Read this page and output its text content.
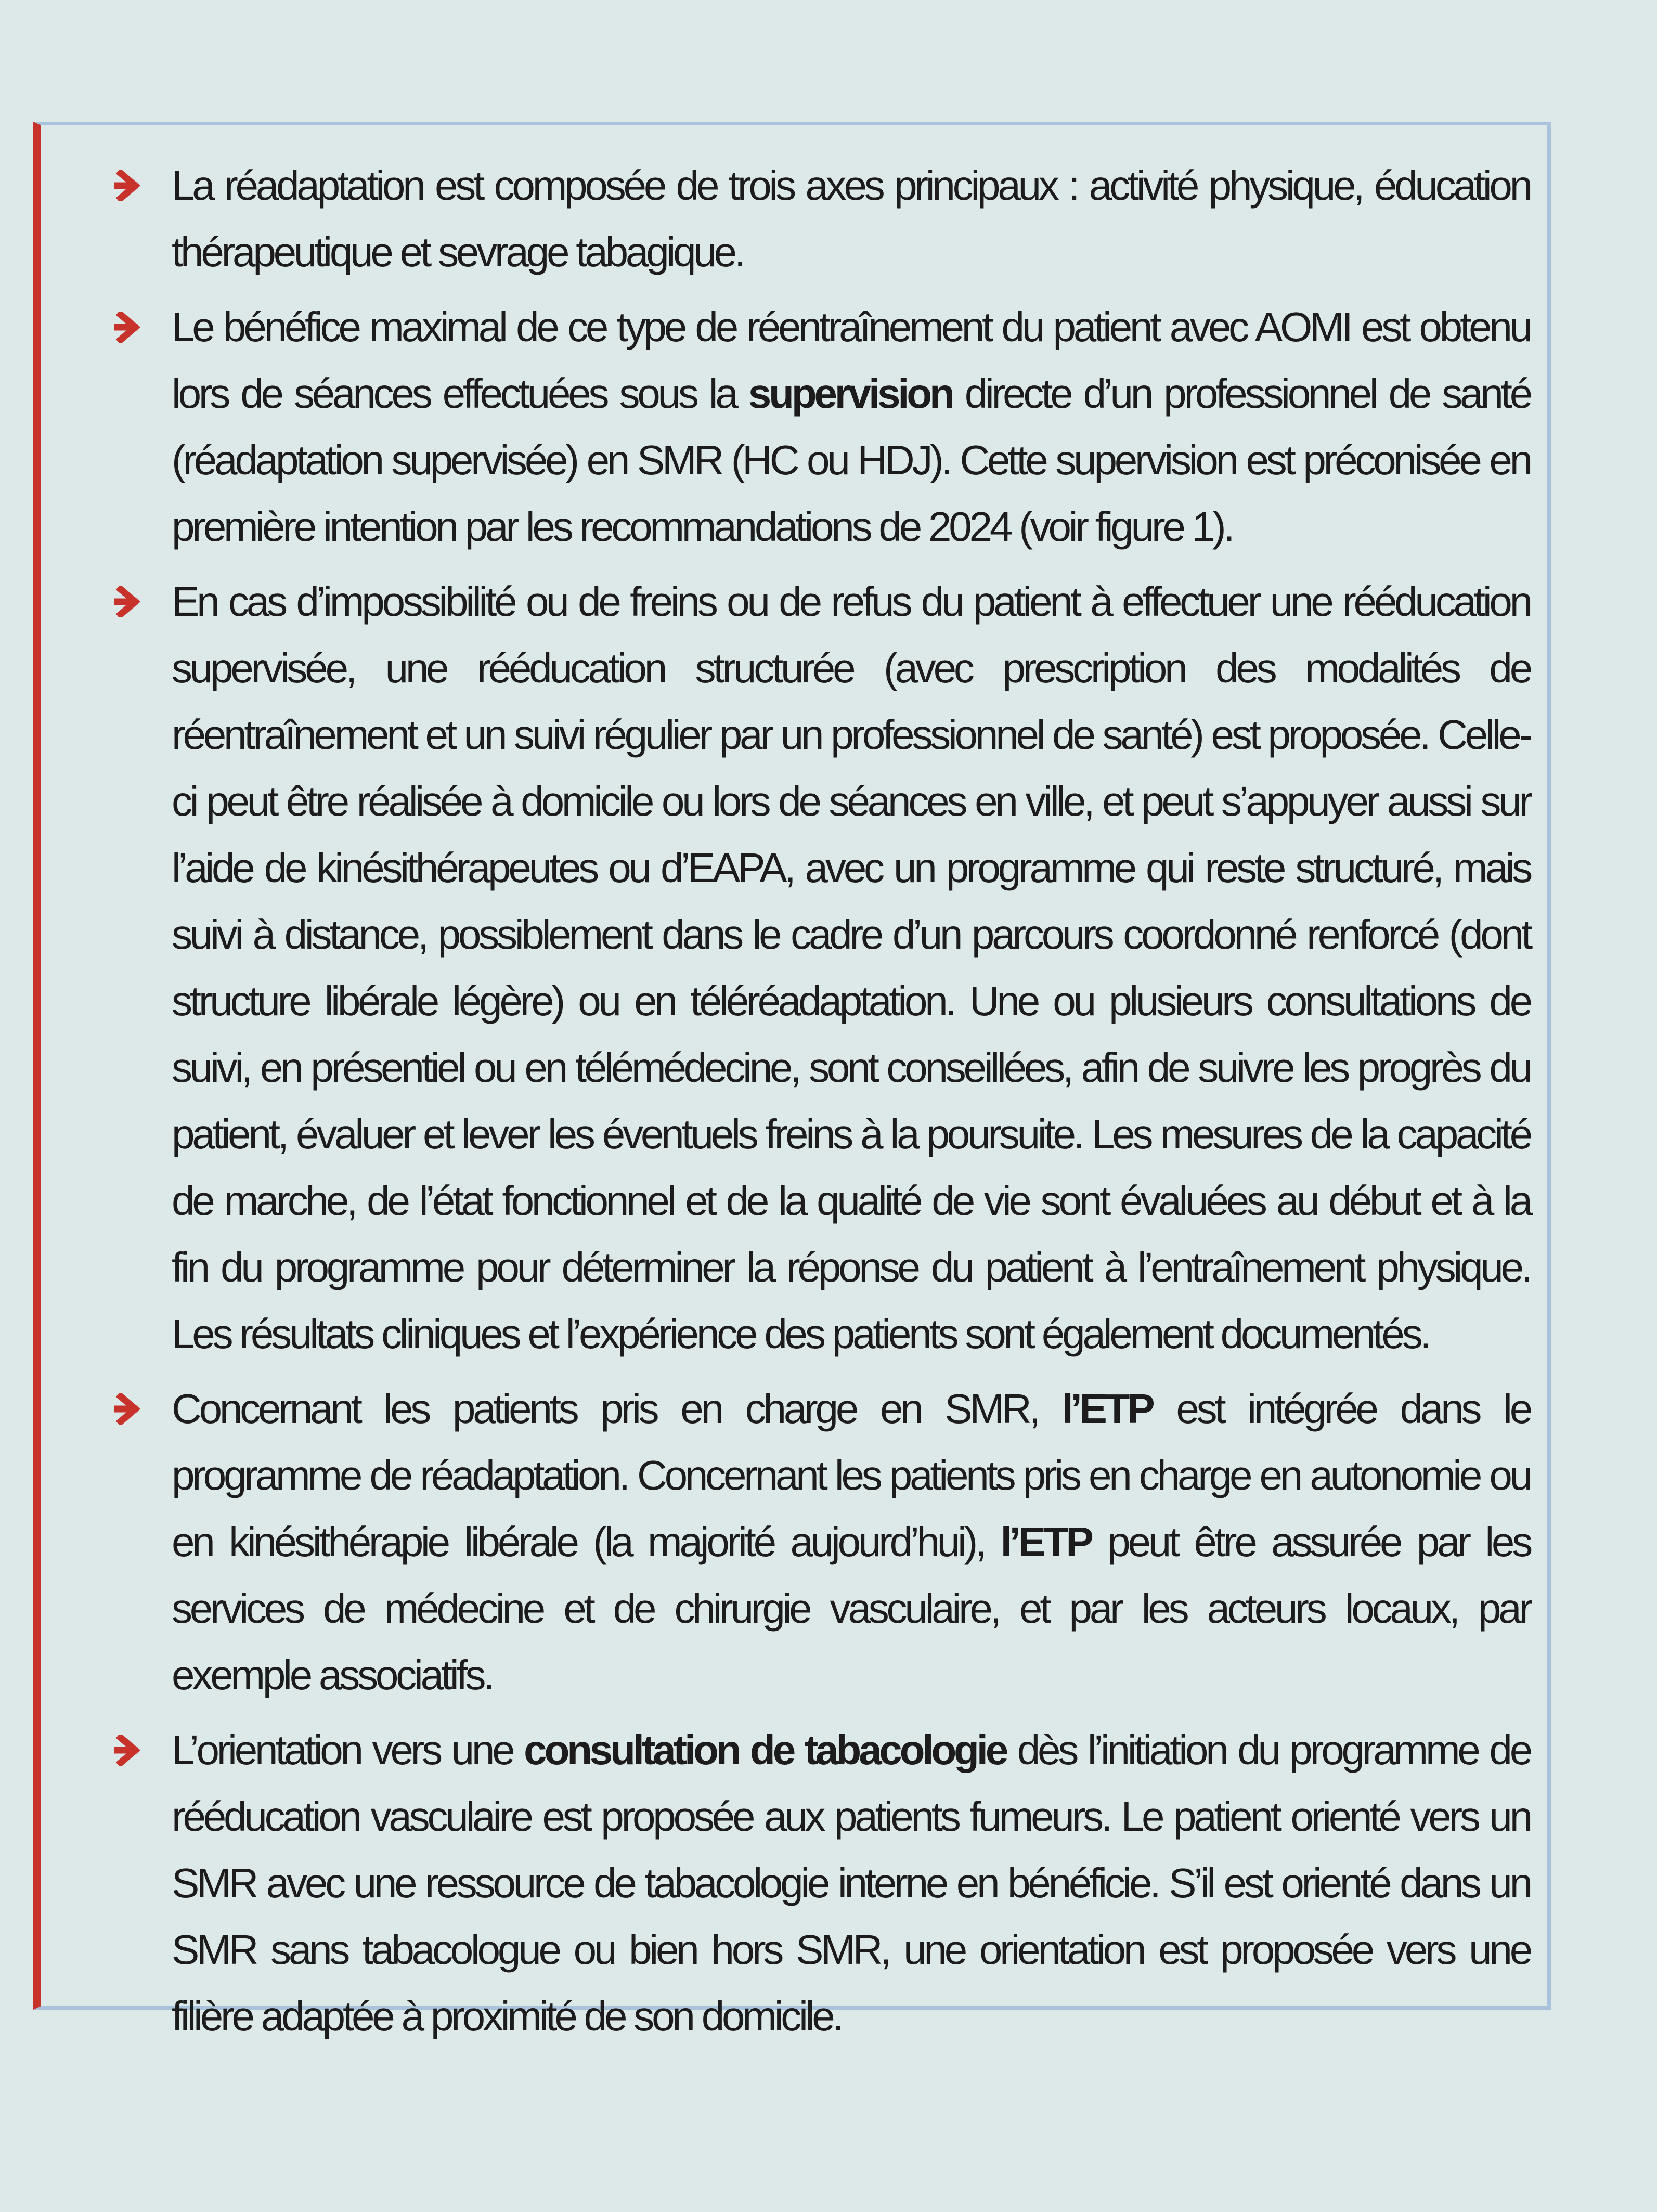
La réadaptation est composée de trois axes principaux : activité physique, éducation thérapeutique et sevrage tabagique.
Le bénéfice maximal de ce type de réentraînement du patient avec AOMI est obtenu lors de séances effectuées sous la supervision directe d’un professionnel de santé (réadaptation supervisée) en SMR (HC ou HDJ). Cette supervision est préconisée en première intention par les recommandations de 2024 (voir figure 1).
En cas d’impossibilité ou de freins ou de refus du patient à effectuer une rééducation supervisée, une rééducation structurée (avec prescription des modalités de réentraînement et un suivi régulier par un professionnel de santé) est proposée. Celle-ci peut être réalisée à domicile ou lors de séances en ville, et peut s’appuyer aussi sur l’aide de kinésithérapeutes ou d’EAPA, avec un programme qui reste structuré, mais suivi à distance, possiblement dans le cadre d’un parcours coordonné renforcé (dont structure libérale légère) ou en téléréadaptation. Une ou plusieurs consultations de suivi, en présentiel ou en télémédecine, sont conseillées, afin de suivre les progrès du patient, évaluer et lever les éventuels freins à la poursuite. Les mesures de la capacité de marche, de l’état fonctionnel et de la qualité de vie sont évaluées au début et à la fin du programme pour déterminer la réponse du patient à l’entraînement physique. Les résultats cliniques et l’expérience des patients sont également documentés.
Concernant les patients pris en charge en SMR, l’ETP est intégrée dans le programme de réadaptation. Concernant les patients pris en charge en autonomie ou en kinésithérapie libérale (la majorité aujourd’hui), l’ETP peut être assurée par les services de médecine et de chirurgie vasculaire, et par les acteurs locaux, par exemple associatifs.
L’orientation vers une consultation de tabacologie dès l’initiation du programme de rééducation vasculaire est proposée aux patients fumeurs. Le patient orienté vers un SMR avec une ressource de tabacologie interne en bénéficie. S’il est orienté dans un SMR sans tabacologue ou bien hors SMR, une orientation est proposée vers une filière adaptée à proximité de son domicile.
